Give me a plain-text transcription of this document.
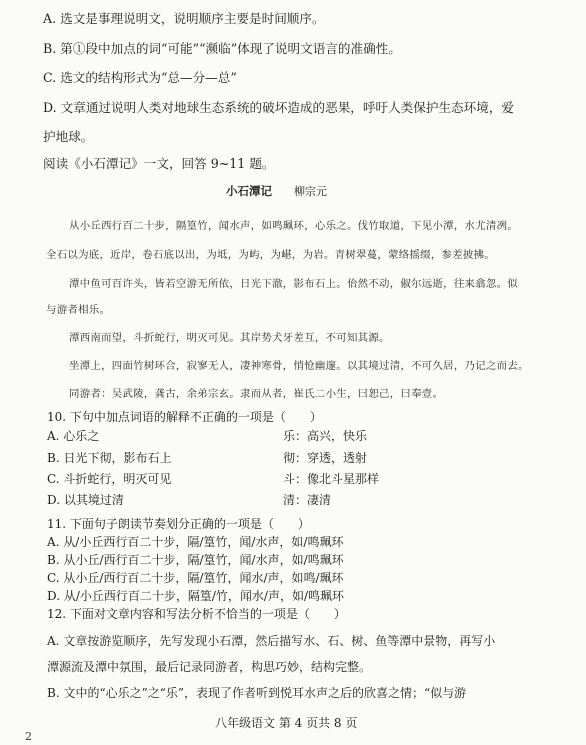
A. 选文是事理说明文，说明顺序主要是时间顺序。

B. 第①段中加点的词“可能”“濒临”体现了说明文语言的准确性。

C. 选文的结构形式为“总—分—总”

D. 文章通过说明人类对地球生态系统的破坏造成的恶果，呼吁人类保护生态环境，爱

护地球。

阅读《小石潭记》一文，回答 9~11 题。

小石潭记 柳宗元

从小丘西行百二十步，隔篁竹，闻水声，如鸣珮环，心乐之。伐竹取道，下见小潭，水尤清冽。

全石以为底，近岸，卷石底以出，为坻，为屿，为嵁，为岩。青树翠蔓，蒙络摇缀，参差披拂。

潭中鱼可百许头，皆若空游无所依，日光下澈，影布石上。佁然不动，俶尔远逝，往来翕忽。似

与游者相乐。

潭西南而望，斗折蛇行，明灭可见。其岸势犬牙差互，不可知其源。

坐潭上，四面竹树环合，寂寥无人，凄神寒骨，悄怆幽邃。以其境过清，不可久居，乃记之而去。

同游者：吴武陵，龚古，余弟宗玄。隶而从者，崔氏二小生，曰恕己，曰奉壹。

10. 下句中加点词语的解释不正确的一项是（　　）

A. 心乐之	乐：高兴，快乐
B. 日光下彻，影布石上	彻：穿透，透射
C. 斗折蛇行，明灭可见	斗：像北斗星那样
D. 以其境过清	清：凄清

11. 下面句子朗读节奏划分正确的一项是（　　）

A. 从/小丘西行百二十步，隔/篁竹，闻/水声，如/鸣珮环

B. 从小丘/西行百二十步，隔/篁竹，闻/水声，如/鸣珮环

C. 从小丘/西行百二十步，隔/篁竹，闻水/声，如鸣/珮环

D. 从/小丘西行百二十步，隔篁/竹，闻水/声，如/鸣珮环

12. 下面对文章内容和写法分析不恰当的一项是（　　）

A. 文章按游览顺序，先写发现小石潭，然后描写水、石、树、鱼等潭中景物，再写小

潭源流及潭中氛围，最后记录同游者，构思巧妙，结构完整。

B. 文中的“心乐之”之“乐”，表现了作者听到悦耳水声之后的欣喜之情；“似与游

八年级语文 第 4 页共 8 页

2
